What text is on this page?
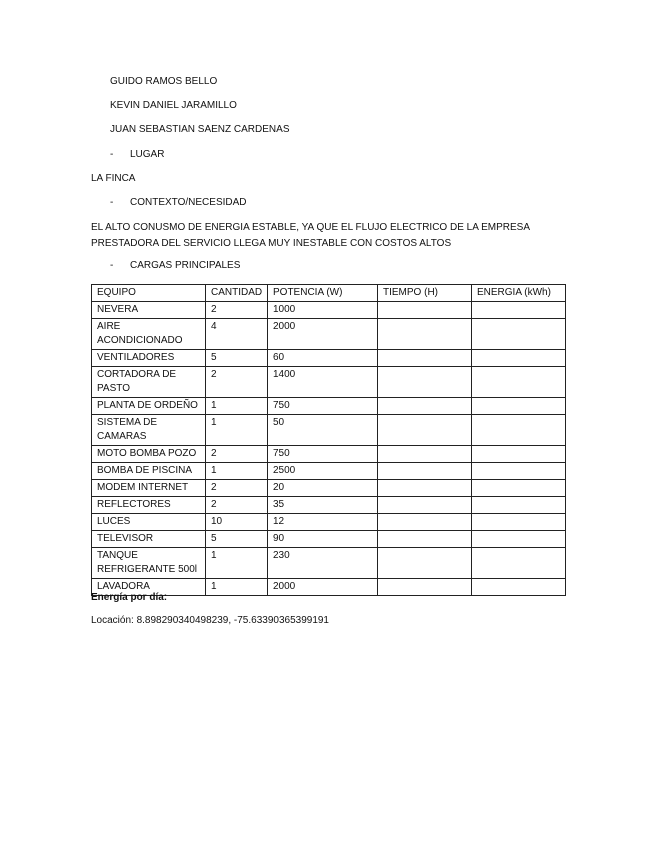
GUIDO RAMOS BELLO
KEVIN DANIEL JARAMILLO
JUAN SEBASTIAN SAENZ CARDENAS
- LUGAR
LA FINCA
- CONTEXTO/NECESIDAD
EL ALTO CONUSMO DE ENERGIA ESTABLE, YA QUE EL FLUJO ELECTRICO DE LA EMPRESA PRESTADORA DEL SERVICIO LLEGA MUY INESTABLE CON COSTOS ALTOS
- CARGAS PRINCIPALES
EQUIPO	CANTIDAD	POTENCIA (W)	TIEMPO (H)	ENERGIA (kWh)
NEVERA	2	1000		
AIRE ACONDICIONADO	4	2000		
VENTILADORES	5	60		
CORTADORA DE PASTO	2	1400		
PLANTA DE ORDEÑO	1	750		
SISTEMA DE CAMARAS	1	50		
MOTO BOMBA POZO	2	750		
BOMBA DE PISCINA	1	2500		
MODEM INTERNET	2	20		
REFLECTORES	2	35		
LUCES	10	12		
TELEVISOR	5	90		
TANQUE REFRIGERANTE 500l	1	230		
LAVADORA	1	2000		
Energía por día:
Locación: 8.898290340498239, -75.63390365399191
